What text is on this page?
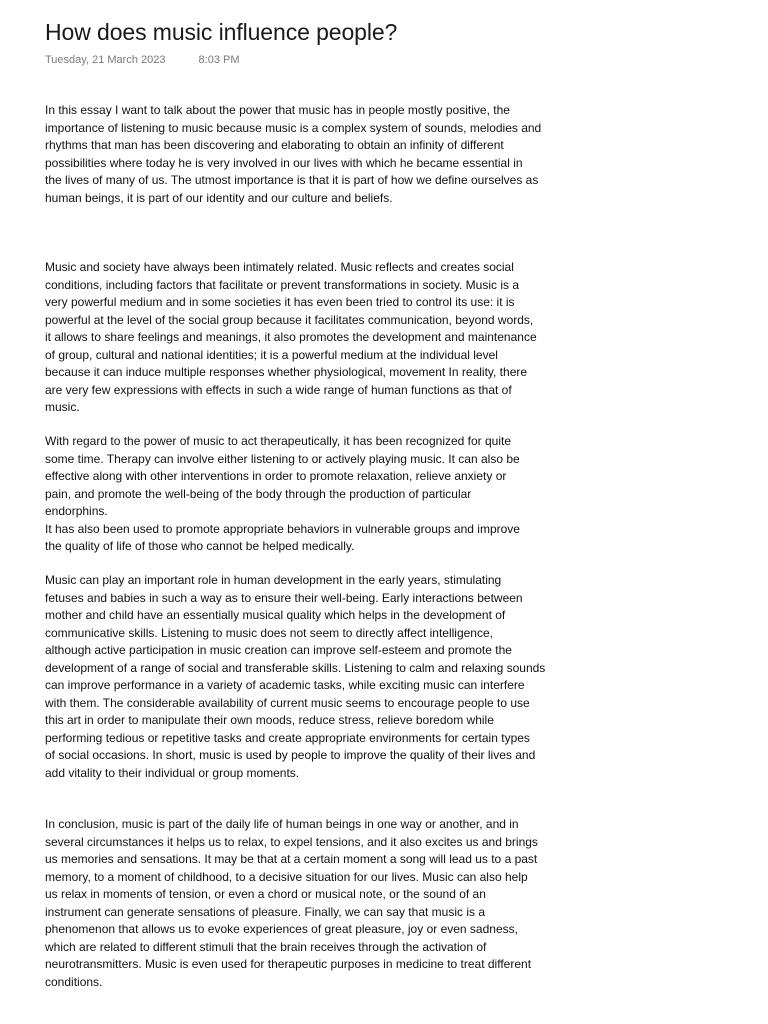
How does music influence people?
Tuesday, 21 March 2023	8:03 PM

In this essay I want to talk about the power that music has in people mostly positive, the
importance of listening to music because music is a complex system of sounds, melodies and
rhythms that man has been discovering and elaborating to obtain an infinity of different
possibilities where today he is very involved in our lives with which he became essential in
the lives of many of us. The utmost importance is that it is part of how we define ourselves as
human beings, it is part of our identity and our culture and beliefs.

Music and society have always been intimately related. Music reflects and creates social
conditions, including factors that facilitate or prevent transformations in society. Music is a
very powerful medium and in some societies it has even been tried to control its use: it is
powerful at the level of the social group because it facilitates communication, beyond words,
it allows to share feelings and meanings, it also promotes the development and maintenance
of group, cultural and national identities; it is a powerful medium at the individual level
because it can induce multiple responses whether physiological, movement In reality, there
are very few expressions with effects in such a wide range of human functions as that of
music.

With regard to the power of music to act therapeutically, it has been recognized for quite
some time. Therapy can involve either listening to or actively playing music. It can also be
effective along with other interventions in order to promote relaxation, relieve anxiety or
pain, and promote the well-being of the body through the production of particular
endorphins.
It has also been used to promote appropriate behaviors in vulnerable groups and improve
the quality of life of those who cannot be helped medically.

Music can play an important role in human development in the early years, stimulating
fetuses and babies in such a way as to ensure their well-being. Early interactions between
mother and child have an essentially musical quality which helps in the development of
communicative skills. Listening to music does not seem to directly affect intelligence,
although active participation in music creation can improve self-esteem and promote the
development of a range of social and transferable skills. Listening to calm and relaxing sounds
can improve performance in a variety of academic tasks, while exciting music can interfere
with them. The considerable availability of current music seems to encourage people to use
this art in order to manipulate their own moods, reduce stress, relieve boredom while
performing tedious or repetitive tasks and create appropriate environments for certain types
of social occasions. In short, music is used by people to improve the quality of their lives and
add vitality to their individual or group moments.

In conclusion, music is part of the daily life of human beings in one way or another, and in
several circumstances it helps us to relax, to expel tensions, and it also excites us and brings
us memories and sensations. It may be that at a certain moment a song will lead us to a past
memory, to a moment of childhood, to a decisive situation for our lives. Music can also help
us relax in moments of tension, or even a chord or musical note, or the sound of an
instrument can generate sensations of pleasure. Finally, we can say that music is a
phenomenon that allows us to evoke experiences of great pleasure, joy or even sadness,
which are related to different stimuli that the brain receives through the activation of
neurotransmitters. Music is even used for therapeutic purposes in medicine to treat different
conditions.
